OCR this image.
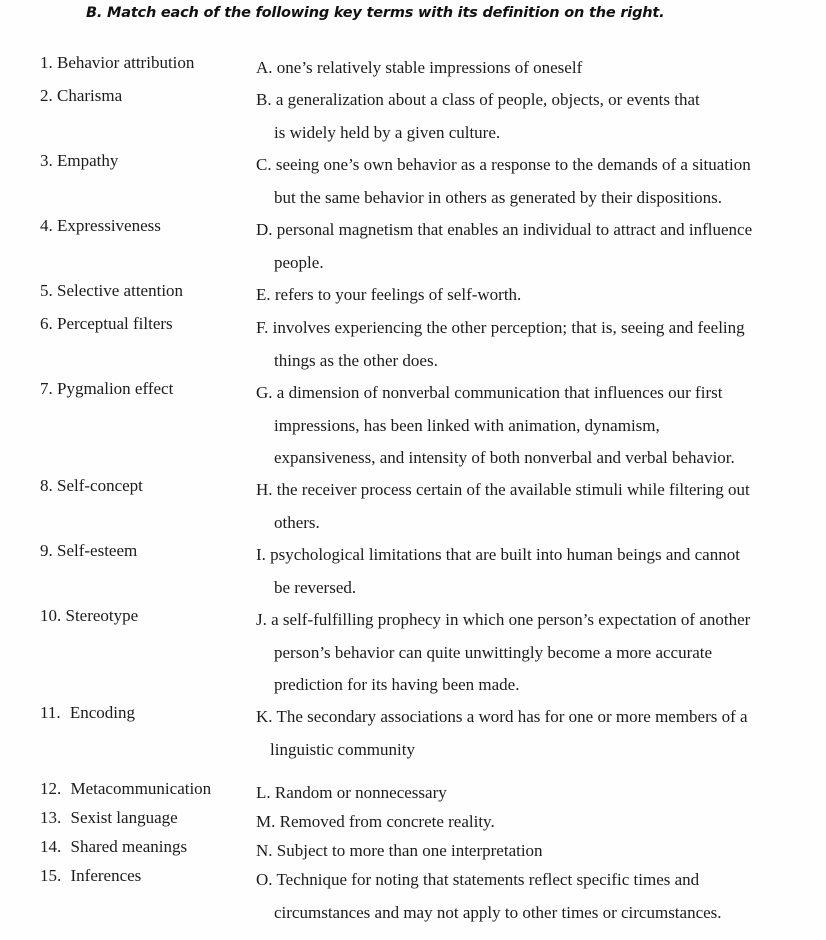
B. Match each of the following key terms with its definition on the right.
1. Behavior attribution	A. one’s relatively stable impressions of oneself
2. Charisma	B. a generalization about a class of people, objects, or events that
is widely held by a given culture.
3. Empathy	C. seeing one’s own behavior as a response to the demands of a situation
but the same behavior in others as generated by their dispositions.
4. Expressiveness	D. personal magnetism that enables an individual to attract and influence
people.
5. Selective attention	E. refers to your feelings of self-worth.
6. Perceptual filters	F. involves experiencing the other perception; that is, seeing and feeling
things as the other does.
7. Pygmalion effect	G. a dimension of nonverbal communication that influences our first
impressions, has been linked with animation, dynamism,
expansiveness, and intensity of both nonverbal and verbal behavior.
8. Self-concept	H. the receiver process certain of the available stimuli while filtering out
others.
9. Self-esteem	I. psychological limitations that are built into human beings and cannot
be reversed.
10. Stereotype	J. a self-fulfilling prophecy in which one person’s expectation of another
person’s behavior can quite unwittingly become a more accurate
prediction for its having been made.
11. Encoding	K. The secondary associations a word has for one or more members of a
linguistic community
12. Metacommunication	L. Random or nonnecessary
13. Sexist language	M. Removed from concrete reality.
14. Shared meanings	N. Subject to more than one interpretation
15. Inferences	O. Technique for noting that statements reflect specific times and
circumstances and may not apply to other times or circumstances.
